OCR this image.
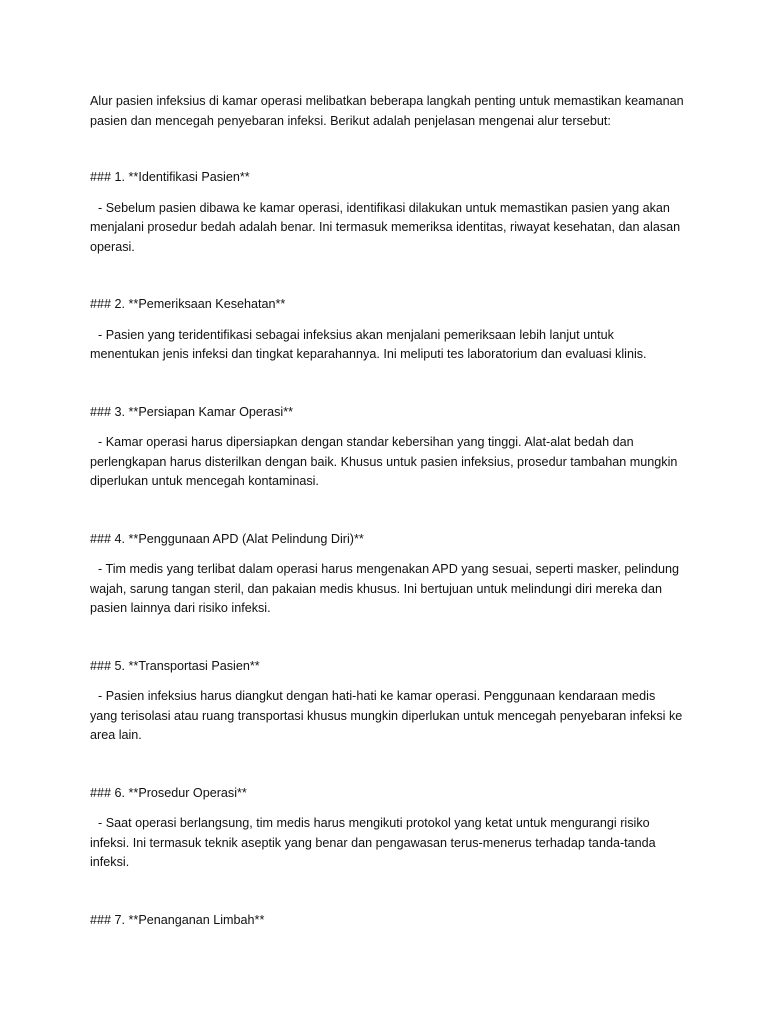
Alur pasien infeksius di kamar operasi melibatkan beberapa langkah penting untuk memastikan keamanan pasien dan mencegah penyebaran infeksi. Berikut adalah penjelasan mengenai alur tersebut:

### 1. **Identifikasi Pasien**

- Sebelum pasien dibawa ke kamar operasi, identifikasi dilakukan untuk memastikan pasien yang akan menjalani prosedur bedah adalah benar. Ini termasuk memeriksa identitas, riwayat kesehatan, dan alasan operasi.

### 2. **Pemeriksaan Kesehatan**

- Pasien yang teridentifikasi sebagai infeksius akan menjalani pemeriksaan lebih lanjut untuk menentukan jenis infeksi dan tingkat keparahannya. Ini meliputi tes laboratorium dan evaluasi klinis.

### 3. **Persiapan Kamar Operasi**

- Kamar operasi harus dipersiapkan dengan standar kebersihan yang tinggi. Alat-alat bedah dan perlengkapan harus disterilkan dengan baik. Khusus untuk pasien infeksius, prosedur tambahan mungkin diperlukan untuk mencegah kontaminasi.

### 4. **Penggunaan APD (Alat Pelindung Diri)**

- Tim medis yang terlibat dalam operasi harus mengenakan APD yang sesuai, seperti masker, pelindung wajah, sarung tangan steril, dan pakaian medis khusus. Ini bertujuan untuk melindungi diri mereka dan pasien lainnya dari risiko infeksi.

### 5. **Transportasi Pasien**

- Pasien infeksius harus diangkut dengan hati-hati ke kamar operasi. Penggunaan kendaraan medis yang terisolasi atau ruang transportasi khusus mungkin diperlukan untuk mencegah penyebaran infeksi ke area lain.

### 6. **Prosedur Operasi**

- Saat operasi berlangsung, tim medis harus mengikuti protokol yang ketat untuk mengurangi risiko infeksi. Ini termasuk teknik aseptik yang benar dan pengawasan terus-menerus terhadap tanda-tanda infeksi.

### 7. **Penanganan Limbah**
